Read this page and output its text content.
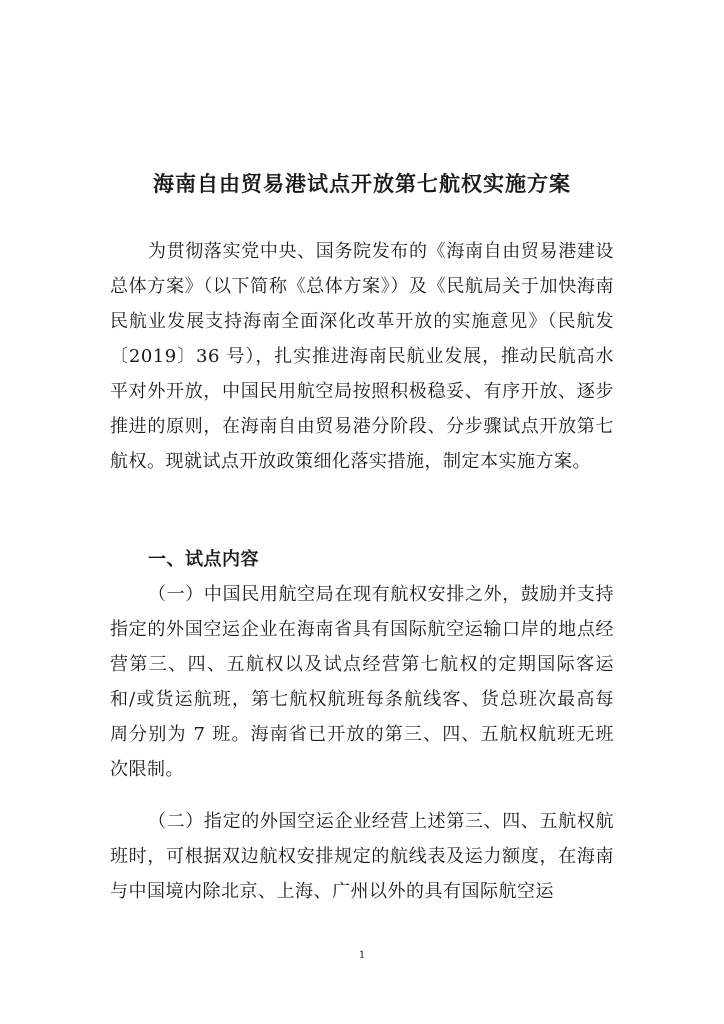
海南自由贸易港试点开放第七航权实施方案

为贯彻落实党中央、国务院发布的《海南自由贸易港建设总体方案》（以下简称《总体方案》）及《民航局关于加快海南民航业发展支持海南全面深化改革开放的实施意见》（民航发〔2019〕36 号），扎实推进海南民航业发展，推动民航高水平对外开放，中国民用航空局按照积极稳妥、有序开放、逐步推进的原则，在海南自由贸易港分阶段、分步骤试点开放第七航权。现就试点开放政策细化落实措施，制定本实施方案。

一、试点内容

（一）中国民用航空局在现有航权安排之外，鼓励并支持指定的外国空运企业在海南省具有国际航空运输口岸的地点经营第三、四、五航权以及试点经营第七航权的定期国际客运和/或货运航班，第七航权航班每条航线客、货总班次最高每周分别为 7 班。海南省已开放的第三、四、五航权航班无班次限制。

（二）指定的外国空运企业经营上述第三、四、五航权航班时，可根据双边航权安排规定的航线表及运力额度，在海南与中国境内除北京、上海、广州以外的具有国际航空运

1
